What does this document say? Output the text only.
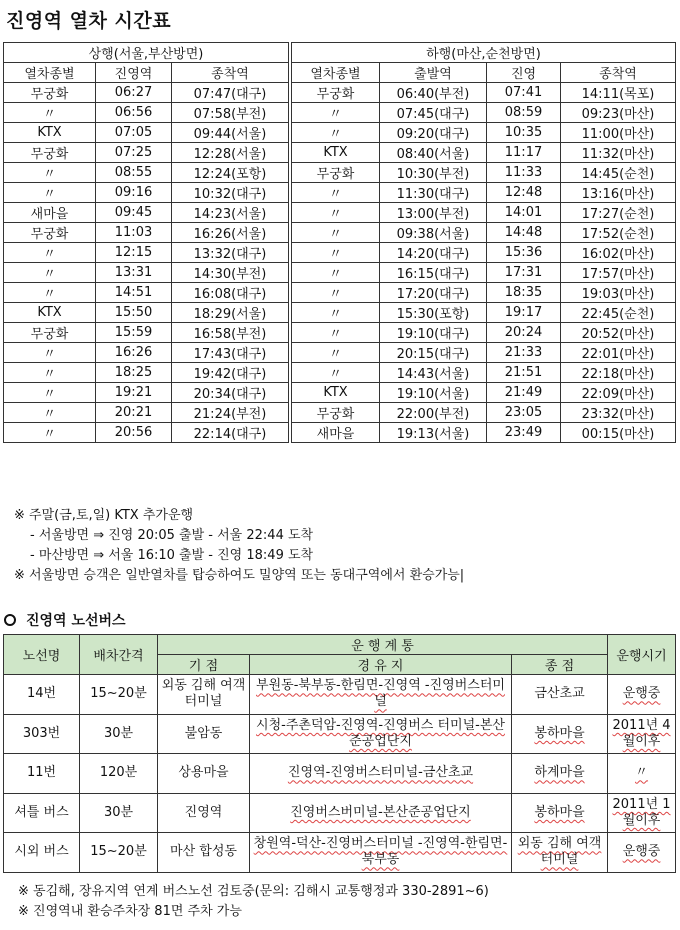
진영역 열차 시간표
상행(서울,부산방면)		
열차종별	진영역	종착역
무궁화	06:27	07:47(대구)
〃	06:56	07:58(부전)
KTX	07:05	09:44(서울)
무궁화	07:25	12:28(서울)
〃	08:55	12:24(포항)
〃	09:16	10:32(대구)
새마을	09:45	14:23(서울)
무궁화	11:03	16:26(서울)
〃	12:15	13:32(대구)
〃	13:31	14:30(부전)
〃	14:51	16:08(대구)
KTX	15:50	18:29(서울)
무궁화	15:59	16:58(부전)
〃	16:26	17:43(대구)
〃	18:25	19:42(대구)
〃	19:21	20:34(대구)
〃	20:21	21:24(부전)
〃	20:56	22:14(대구)
하행(마산,순천방면)			
열차종별	출발역	진영	종착역
무궁화	06:40(부전)	07:41	14:11(목포)
〃	07:45(대구)	08:59	09:23(마산)
〃	09:20(대구)	10:35	11:00(마산)
KTX	08:40(서울)	11:17	11:32(마산)
무궁화	10:30(부전)	11:33	14:45(순천)
〃	11:30(대구)	12:48	13:16(마산)
〃	13:00(부전)	14:01	17:27(순천)
〃	09:38(서울)	14:48	17:52(순천)
〃	14:20(대구)	15:36	16:02(마산)
〃	16:15(대구)	17:31	17:57(마산)
〃	17:20(대구)	18:35	19:03(마산)
〃	15:30(포항)	19:17	22:45(순천)
〃	19:10(대구)	20:24	20:52(마산)
〃	20:15(대구)	21:33	22:01(마산)
〃	14:43(서울)	21:51	22:18(마산)
KTX	19:10(서울)	21:49	22:09(마산)
무궁화	22:00(부전)	23:05	23:32(마산)
새마을	19:13(서울)	23:49	00:15(마산)
※ 주말(금,토,일) KTX 추가운행
- 서울방면 ⇒ 진영 20:05 출발 - 서울 22:44 도착
- 마산방면 ⇒ 서울 16:10 출발 - 진영 18:49 도착
※ 서울방면 승객은 일반열차를 탑승하여도 밀양역 또는 동대구역에서 환승가능|
진영역 노선버스
노선명	배차간격	운 행 계 통			운행시기
		기 점	경 유 지	종 점	
14번	15~20분	외동 김해 여객터미널	부원동-북부동-한림면-진영역 -진영버스터미널	금산초교	운행중
303번	30분	불암동	시청-주촌덕암-진영역-진영버스 터미널-본산준공업단지	봉하마을	2011년 4월이후
11번	120분	상용마을	진영역-진영버스터미널-금산초교	하계마을	〃
셔틀 버스	30분	진영역	진영버스버미널-본산준공업단지	봉하마을	2011년 1월이후
시외 버스	15~20분	마산 합성동	창원역-덕산-진영버스터미널 -진영역-한림면-북부동	외동 김해 여객터미널	운행중
※ 동김해, 장유지역 연계 버스노선 검토중(문의: 김해시 교통행정과 330-2891~6)
※ 진영역내 환승주차장 81면 주차 가능
